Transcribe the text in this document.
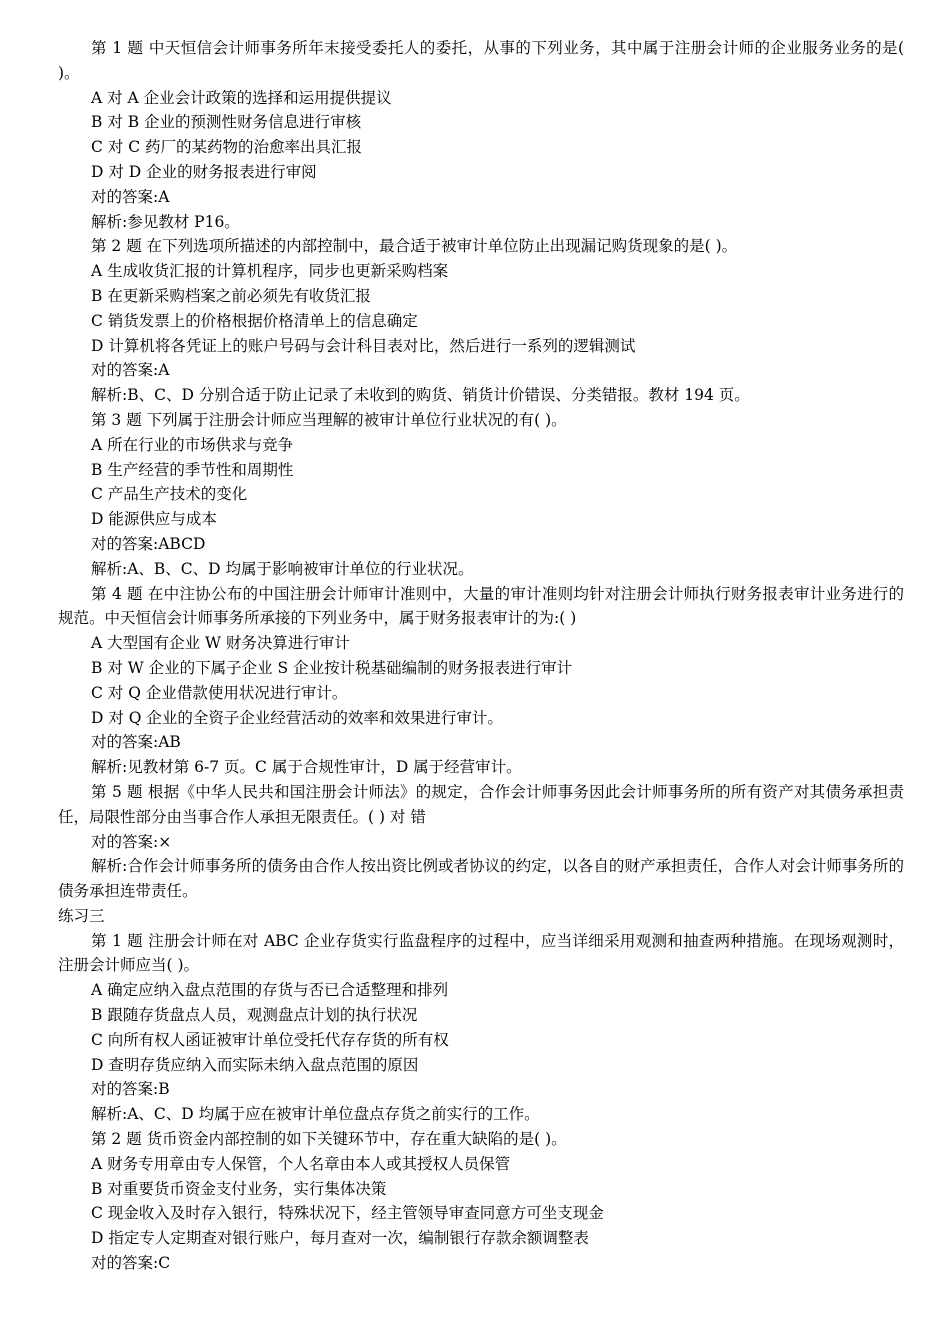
第 1 题 中天恒信会计师事务所年末接受委托人的委托，从事的下列业务，其中属于注册会计师的企业服务业务的是( )。

A 对 A 企业会计政策的选择和运用提供提议

B 对 B 企业的预测性财务信息进行审核

C 对 C 药厂的某药物的治愈率出具汇报

D 对 D 企业的财务报表进行审阅

对的答案:A

解析:参见教材 P16。

第 2 题 在下列选项所描述的内部控制中，最合适于被审计单位防止出现漏记购货现象的是( )。

A 生成收货汇报的计算机程序，同步也更新采购档案

B 在更新采购档案之前必须先有收货汇报

C 销货发票上的价格根据价格清单上的信息确定

D 计算机将各凭证上的账户号码与会计科目表对比，然后进行一系列的逻辑测试

对的答案:A

解析:B、C、D 分别合适于防止记录了未收到的购货、销货计价错误、分类错报。教材 194 页。

第 3 题 下列属于注册会计师应当理解的被审计单位行业状况的有( )。

A 所在行业的市场供求与竞争

B 生产经营的季节性和周期性

C 产品生产技术的变化

D 能源供应与成本

对的答案:ABCD

解析:A、B、C、D 均属于影响被审计单位的行业状况。

第 4 题 在中注协公布的中国注册会计师审计准则中，大量的审计准则均针对注册会计师执行财务报表审计业务进行的规范。中天恒信会计师事务所承接的下列业务中，属于财务报表审计的为:( )

A 大型国有企业 W 财务决算进行审计

B 对 W 企业的下属子企业 S 企业按计税基础编制的财务报表进行审计

C 对 Q 企业借款使用状况进行审计。

D 对 Q 企业的全资子企业经营活动的效率和效果进行审计。

对的答案:AB

解析:见教材第 6-7 页。C 属于合规性审计，D 属于经营审计。

第 5 题 根据《中华人民共和国注册会计师法》的规定，合作会计师事务因此会计师事务所的所有资产对其债务承担责任，局限性部分由当事合作人承担无限责任。( ) 对 错

对的答案:×

解析:合作会计师事务所的债务由合作人按出资比例或者协议的约定，以各自的财产承担责任，合作人对会计师事务所的债务承担连带责任。

练习三

第 1 题 注册会计师在对 ABC 企业存货实行监盘程序的过程中，应当详细采用观测和抽查两种措施。在现场观测时，注册会计师应当( )。

A 确定应纳入盘点范围的存货与否已合适整理和排列

B 跟随存货盘点人员，观测盘点计划的执行状况

C 向所有权人函证被审计单位受托代存存货的所有权

D 查明存货应纳入而实际未纳入盘点范围的原因

对的答案:B

解析:A、C、D 均属于应在被审计单位盘点存货之前实行的工作。

第 2 题 货币资金内部控制的如下关键环节中，存在重大缺陷的是( )。

A 财务专用章由专人保管，个人名章由本人或其授权人员保管

B 对重要货币资金支付业务，实行集体决策

C 现金收入及时存入银行，特殊状况下，经主管领导审查同意方可坐支现金

D 指定专人定期查对银行账户，每月查对一次，编制银行存款余额调整表

对的答案:C
